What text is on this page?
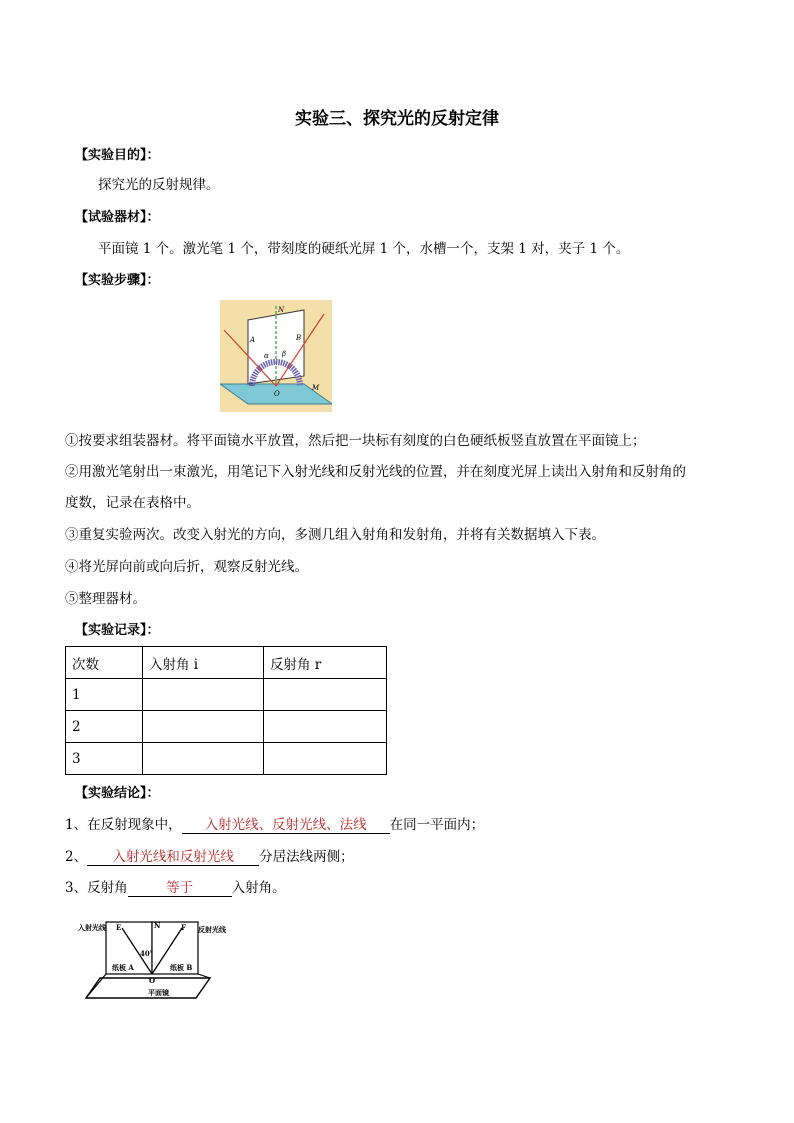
实验三、探究光的反射定律
【实验目的】：
探究光的反射规律。
【试验器材】：
平面镜 1 个。激光笔 1 个，带刻度的硬纸光屏 1 个，水槽一个，支架 1 对，夹子 1 个。
【实验步骤】：
N
A	B
α β
O
M
①按要求组装器材。将平面镜水平放置，然后把一块标有刻度的白色硬纸板竖直放置在平面镜上；
②用激光笔射出一束激光，用笔记下入射光线和反射光线的位置，并在刻度光屏上读出入射角和反射角的
度数，记录在表格中。
③重复实验两次。改变入射光的方向，多测几组入射角和发射角，并将有关数据填入下表。
④将光屏向前或向后折，观察反射光线。
⑤整理器材。
【实验记录】：
次数	入射角 i	反射角 r
1		
2		
3		
【实验结论】：
1、在反射现象中， 入射光线、反射光线、法线 在同一平面内；
2、 入射光线和反射光线 分居法线两侧；
3、反射角	等于	入射角。
入射光线	反射光线
E	F
N
40°
纸板 A	纸板 B
O
平面镜
